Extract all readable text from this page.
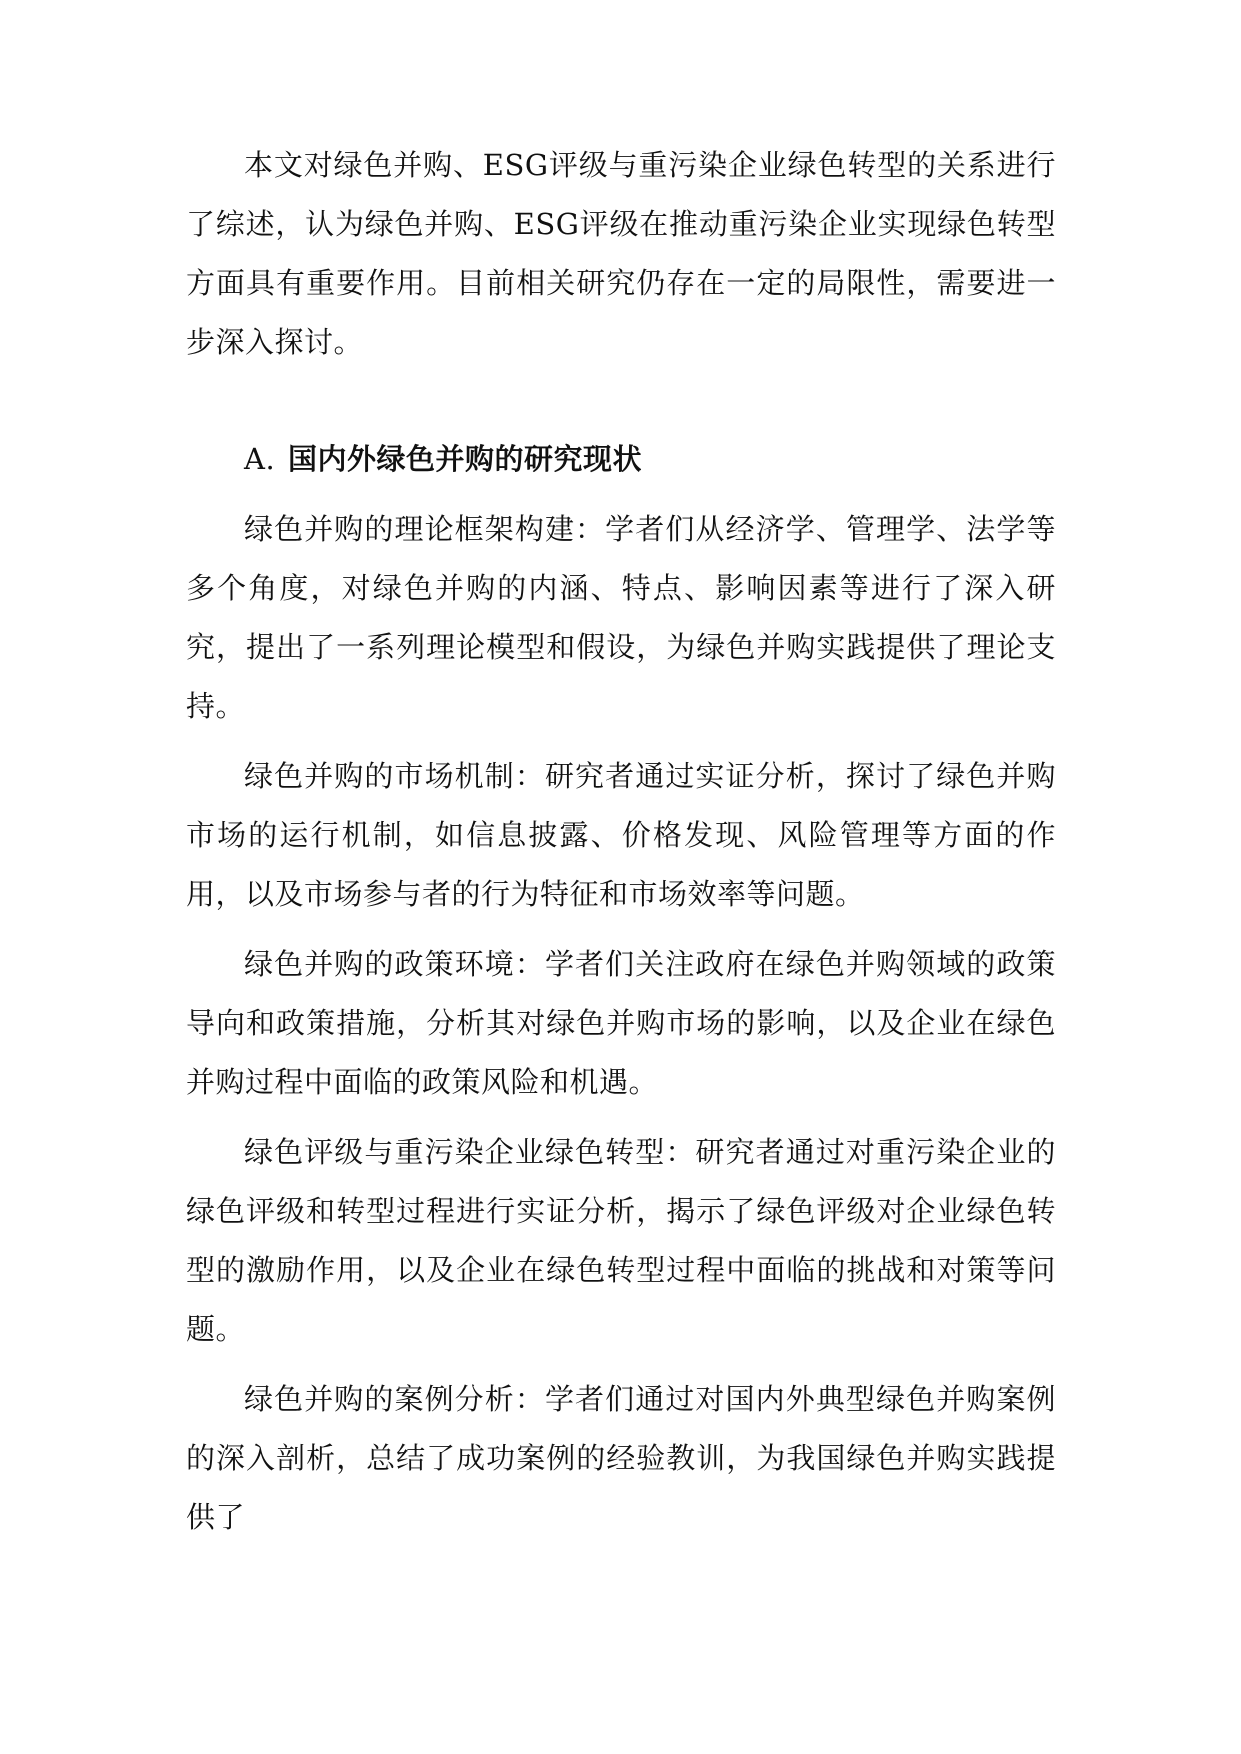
本文对绿色并购、ESG评级与重污染企业绿色转型的关系进行了综述，认为绿色并购、ESG评级在推动重污染企业实现绿色转型方面具有重要作用。目前相关研究仍存在一定的局限性，需要进一步深入探讨。

A. 国内外绿色并购的研究现状

绿色并购的理论框架构建：学者们从经济学、管理学、法学等多个角度，对绿色并购的内涵、特点、影响因素等进行了深入研究，提出了一系列理论模型和假设，为绿色并购实践提供了理论支持。

绿色并购的市场机制：研究者通过实证分析，探讨了绿色并购市场的运行机制，如信息披露、价格发现、风险管理等方面的作用，以及市场参与者的行为特征和市场效率等问题。

绿色并购的政策环境：学者们关注政府在绿色并购领域的政策导向和政策措施，分析其对绿色并购市场的影响，以及企业在绿色并购过程中面临的政策风险和机遇。

绿色评级与重污染企业绿色转型：研究者通过对重污染企业的绿色评级和转型过程进行实证分析，揭示了绿色评级对企业绿色转型的激励作用，以及企业在绿色转型过程中面临的挑战和对策等问题。

绿色并购的案例分析：学者们通过对国内外典型绿色并购案例的深入剖析，总结了成功案例的经验教训，为我国绿色并购实践提供了
